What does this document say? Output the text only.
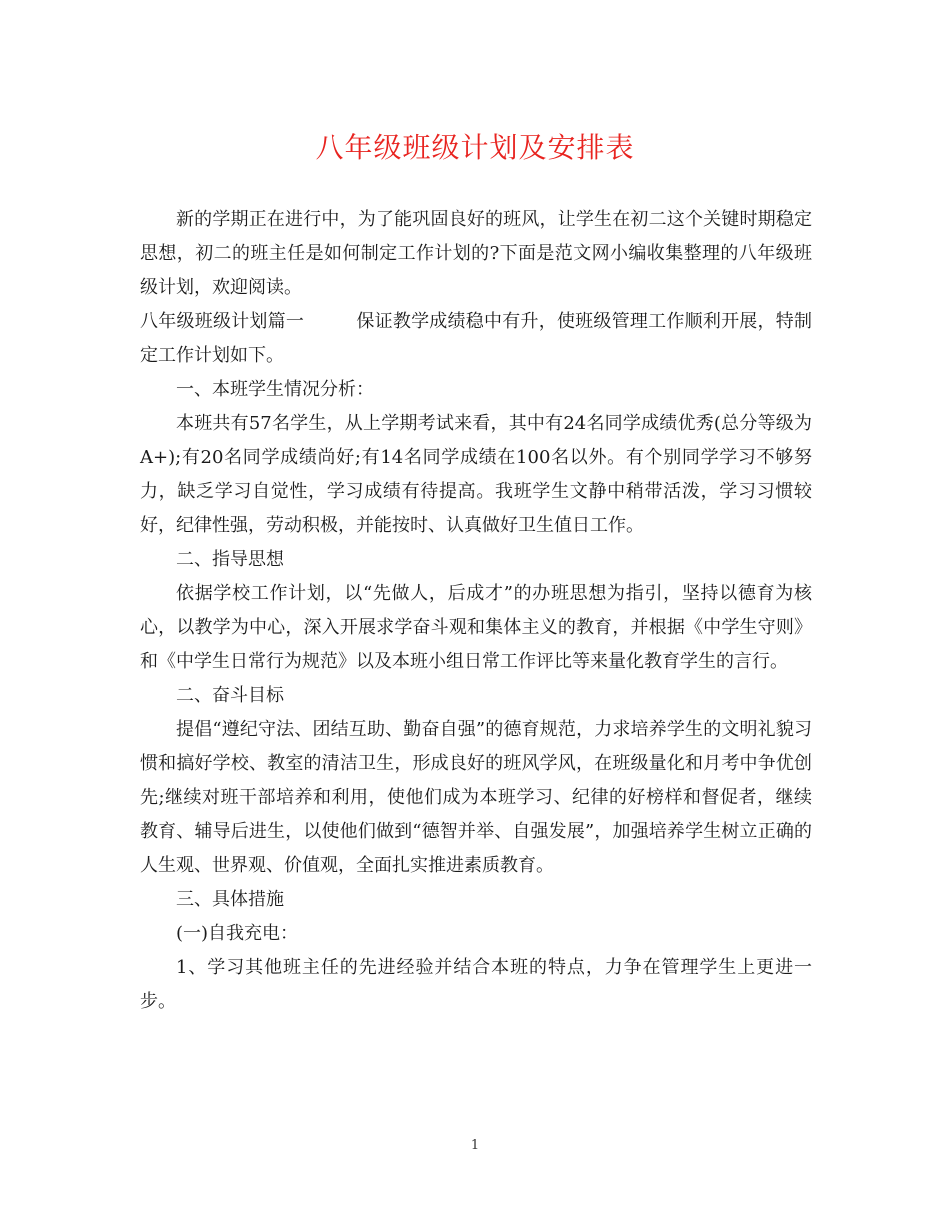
八年级班级计划及安排表

新的学期正在进行中，为了能巩固良好的班风，让学生在初二这个关键时期稳定思想，初二的班主任是如何制定工作计划的?下面是范文网小编收集整理的八年级班级计划，欢迎阅读。

八年级班级计划篇一	保证教学成绩稳中有升，使班级管理工作顺利开展，特制定工作计划如下。

一、本班学生情况分析：

本班共有57名学生，从上学期考试来看，其中有24名同学成绩优秀(总分等级为A+);有20名同学成绩尚好;有14名同学成绩在100名以外。有个别同学学习不够努力，缺乏学习自觉性，学习成绩有待提高。我班学生文静中稍带活泼，学习习惯较好，纪律性强，劳动积极，并能按时、认真做好卫生值日工作。

二、指导思想

依据学校工作计划，以“先做人，后成才”的办班思想为指引，坚持以德育为核心，以教学为中心，深入开展求学奋斗观和集体主义的教育，并根据《中学生守则》和《中学生日常行为规范》以及本班小组日常工作评比等来量化教育学生的言行。

二、奋斗目标

提倡“遵纪守法、团结互助、勤奋自强”的德育规范，力求培养学生的文明礼貌习惯和搞好学校、教室的清洁卫生，形成良好的班风学风，在班级量化和月考中争优创先;继续对班干部培养和利用，使他们成为本班学习、纪律的好榜样和督促者，继续教育、辅导后进生，以使他们做到“德智并举、自强发展”，加强培养学生树立正确的人生观、世界观、价值观，全面扎实推进素质教育。

三、具体措施

(一)自我充电：

1、学习其他班主任的先进经验并结合本班的特点，力争在管理学生上更进一步。

1
